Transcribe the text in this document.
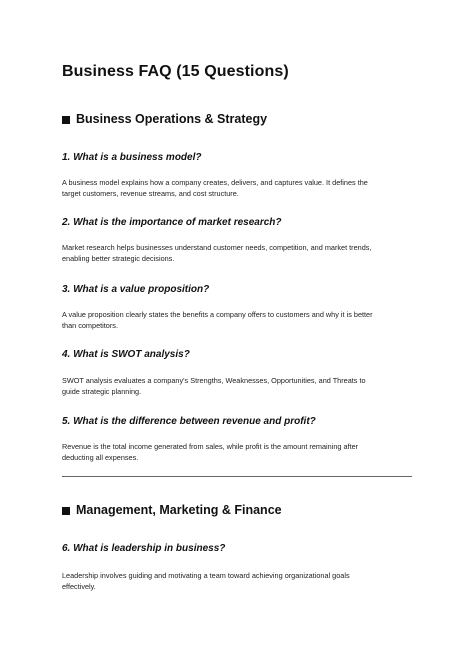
Business FAQ (15 Questions)
Business Operations & Strategy
1. What is a business model?
A business model explains how a company creates, delivers, and captures value. It defines the
target customers, revenue streams, and cost structure.
2. What is the importance of market research?
Market research helps businesses understand customer needs, competition, and market trends,
enabling better strategic decisions.
3. What is a value proposition?
A value proposition clearly states the benefits a company offers to customers and why it is better
than competitors.
4. What is SWOT analysis?
SWOT analysis evaluates a company's Strengths, Weaknesses, Opportunities, and Threats to
guide strategic planning.
5. What is the difference between revenue and profit?
Revenue is the total income generated from sales, while profit is the amount remaining after
deducting all expenses.
Management, Marketing & Finance
6. What is leadership in business?
Leadership involves guiding and motivating a team toward achieving organizational goals
effectively.
